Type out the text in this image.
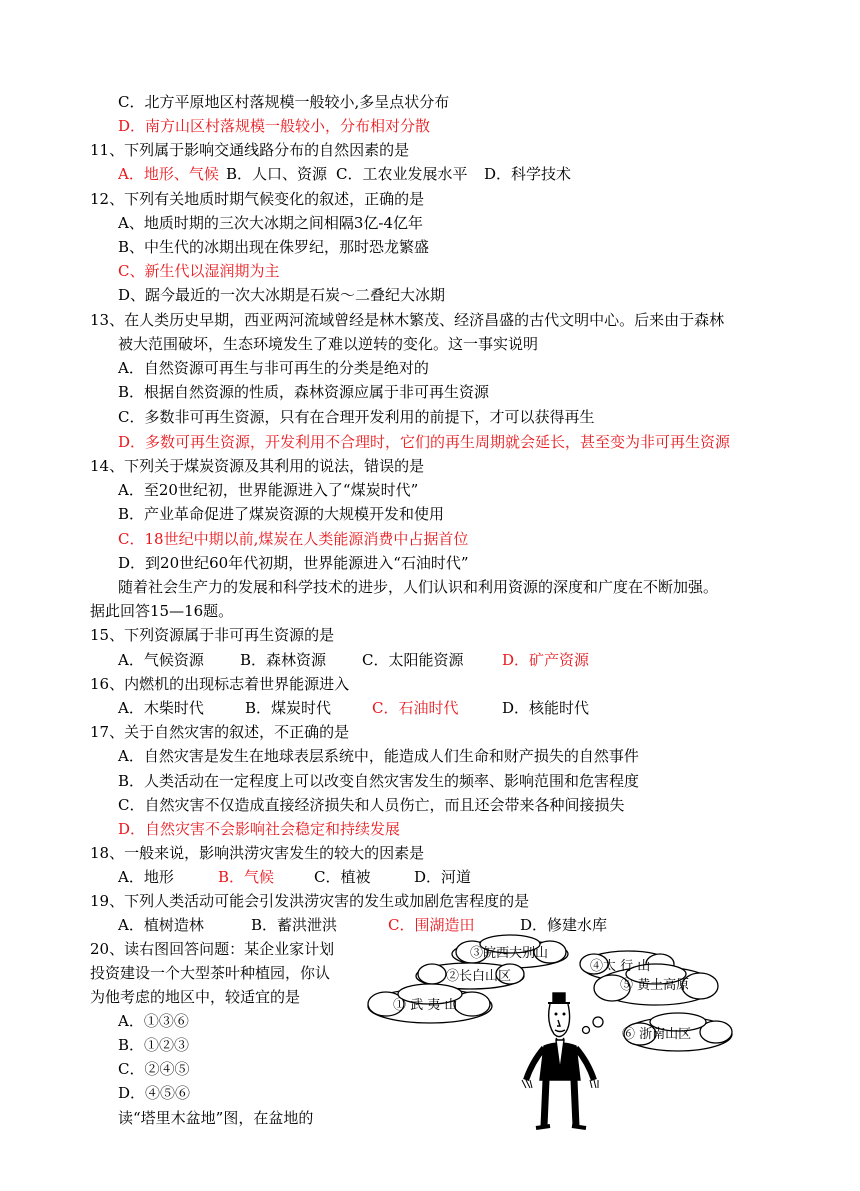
C．北方平原地区村落规模一般较小,多呈点状分布
D．南方山区村落规模一般较小，分布相对分散
11、下列属于影响交通线路分布的自然因素的是
A．地形、气候 B．人口、资源 C．工农业发展水平 D．科学技术
12、下列有关地质时期气候变化的叙述，正确的是
A、地质时期的三次大冰期之间相隔3亿-4亿年
B、中生代的冰期出现在侏罗纪，那时恐龙繁盛
C、新生代以湿润期为主
D、踞今最近的一次大冰期是石炭～二叠纪大冰期
13、在人类历史早期，西亚两河流域曾经是林木繁茂、经济昌盛的古代文明中心。后来由于森林
被大范围破坏，生态环境发生了难以逆转的变化。这一事实说明
A．自然资源可再生与非可再生的分类是绝对的
B．根据自然资源的性质，森林资源应属于非可再生资源
C．多数非可再生资源，只有在合理开发利用的前提下，才可以获得再生
D．多数可再生资源，开发利用不合理时，它们的再生周期就会延长，甚至变为非可再生资源
14、下列关于煤炭资源及其利用的说法，错误的是
A．至20世纪初，世界能源进入了“煤炭时代”
B．产业革命促进了煤炭资源的大规模开发和使用
C．18世纪中期以前,煤炭在人类能源消费中占据首位
D．到20世纪60年代初期，世界能源进入“石油时代”
随着社会生产力的发展和科学技术的进步，人们认识和利用资源的深度和广度在不断加强。
据此回答15—16题。
15、下列资源属于非可再生资源的是
A．气候资源 B．森林资源 C．太阳能资源	D．矿产资源
16、内燃机的出现标志着世界能源进入
A．木柴时代	B．煤炭时代	C．石油时代	D．核能时代
17、关于自然灾害的叙述，不正确的是
A．自然灾害是发生在地球表层系统中，能造成人们生命和财产损失的自然事件
B．人类活动在一定程度上可以改变自然灾害发生的频率、影响范围和危害程度
C．自然灾害不仅造成直接经济损失和人员伤亡，而且还会带来各种间接损失
D．自然灾害不会影响社会稳定和持续发展
18、一般来说，影响洪涝灾害发生的较大的因素是
A．地形	B．气候	C．植被	D．河道
19、下列人类活动可能会引发洪涝灾害的发生或加剧危害程度的是
A．植树造林	B．蓄洪泄洪	C．围湖造田	D．修建水库
20、读右图回答问题：某企业家计划
投资建设一个大型茶叶种植园，你认
为他考虑的地区中，较适宜的是
A．①③⑥
B．①②③
C．②④⑤
D．④⑤⑥
读“塔里木盆地”图，在盆地的
③皖西大别山
②长白山区
④太 行 山
① 武 夷 山
⑤ 黄土高原
⑥ 浙南山区
